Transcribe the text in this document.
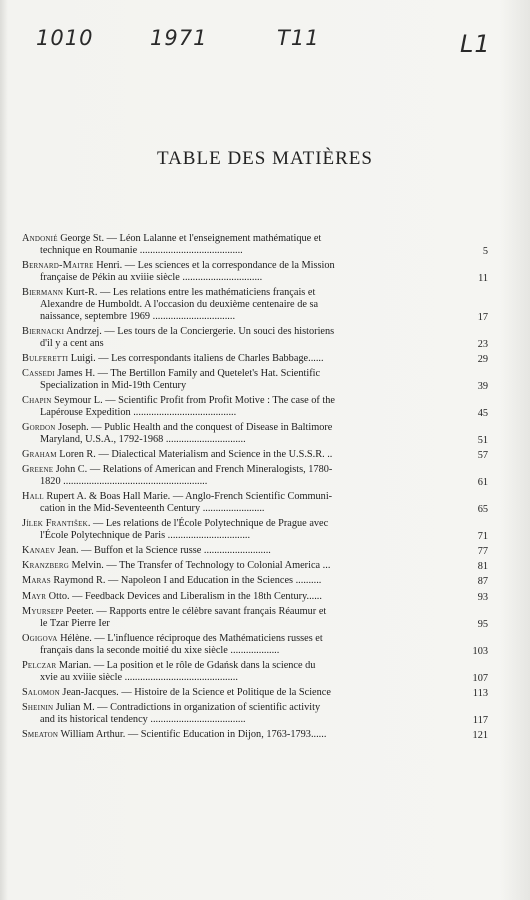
1010	1971	T11	L1
TABLE DES MATIÈRES
Andonié George St. — Léon Lalanne et l'enseignement mathématique et
technique en Roumanie ........................................	5
Bernard-Maitre Henri. — Les sciences et la correspondance de la Mission
française de Pékin au xviiie siècle ...............................	11
Biermann Kurt-R. — Les relations entre les mathématiciens français et
Alexandre de Humboldt. A l'occasion du deuxième centenaire de sa
naissance, septembre 1969 ................................	17
Biernacki Andrzej. — Les tours de la Conciergerie. Un souci des historiens
d'il y a cent ans	23
Bulferetti Luigi. — Les correspondants italiens de Charles Babbage......	29
Cassedi James H. — The Bertillon Family and Quetelet's Hat. Scientific
Specialization in Mid-19th Century	39
Chapin Seymour L. — Scientific Profit from Profit Motive : The case of the
Lapérouse Expedition ........................................	45
Gordon Joseph. — Public Health and the conquest of Disease in Baltimore
Maryland, U.S.A., 1792-1968 ...............................	51
Graham Loren R. — Dialectical Materialism and Science in the U.S.S.R. ..	57
Greene John C. — Relations of American and French Mineralogists, 1780-
1820 ........................................................	61
Hall Rupert A. & Boas Hall Marie. — Anglo-French Scientific Communi-
cation in the Mid-Seventeenth Century ........................	65
Jílek František. — Les relations de l'École Polytechnique de Prague avec
l'École Polytechnique de Paris ................................	71
Kanaev Jean. — Buffon et la Science russe ..........................	77
Kranzberg Melvin. — The Transfer of Technology to Colonial America ...	81
Maras Raymond R. — Napoleon I and Education in the Sciences ..........	87
Mayr Otto. — Feedback Devices and Liberalism in the 18th Century......	93
Myursepp Peeter. — Rapports entre le célèbre savant français Réaumur et
le Tzar Pierre Ier	95
Ogigova Hélène. — L'influence réciproque des Mathématiciens russes et
français dans la seconde moitié du xixe siècle ...................	103
Pelczar Marian. — La position et le rôle de Gdańsk dans la science du
xvie au xviiie siècle ............................................	107
Salomon Jean-Jacques. — Histoire de la Science et Politique de la Science	113
Sheinin Julian M. — Contradictions in organization of scientific activity
and its historical tendency .....................................	117
Smeaton William Arthur. — Scientific Education in Dijon, 1763-1793......	121
